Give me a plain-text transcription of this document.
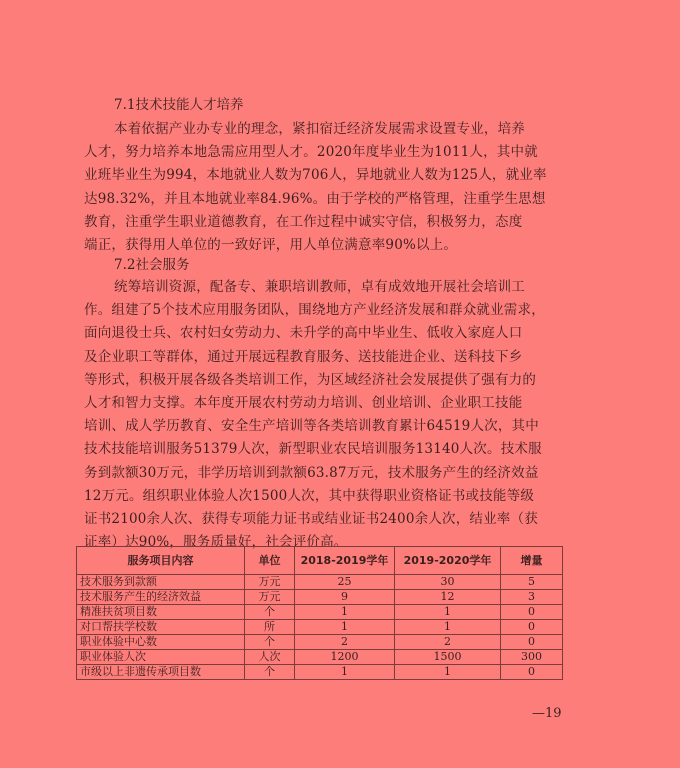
7.1技术技能人才培养
本着依据产业办专业的理念，紧扣宿迁经济发展需求设置专业，培养
人才，努力培养本地急需应用型人才。2020年度毕业生为1011人，其中就
业班毕业生为994，本地就业人数为706人，异地就业人数为125人，就业率
达98.32%，并且本地就业率84.96%。由于学校的严格管理，注重学生思想
教育，注重学生职业道德教育，在工作过程中诚实守信，积极努力，态度
端正，获得用人单位的一致好评，用人单位满意率90%以上。
7.2社会服务
统筹培训资源，配备专、兼职培训教师，卓有成效地开展社会培训工
作。组建了5个技术应用服务团队，围绕地方产业经济发展和群众就业需求，
面向退役士兵、农村妇女劳动力、未升学的高中毕业生、低收入家庭人口
及企业职工等群体，通过开展远程教育服务、送技能进企业、送科技下乡
等形式，积极开展各级各类培训工作，为区域经济社会发展提供了强有力的
人才和智力支撑。本年度开展农村劳动力培训、创业培训、企业职工技能
培训、成人学历教育、安全生产培训等各类培训教育累计64519人次，其中
技术技能培训服务51379人次，新型职业农民培训服务13140人次。技术服
务到款额30万元，非学历培训到款额63.87万元，技术服务产生的经济效益
12万元。组织职业体验人次1500人次，其中获得职业资格证书或技能等级
证书2100余人次、获得专项能力证书或结业证书2400余人次，结业率（获
证率）达90%，服务质量好，社会评价高。
服务项目内容	单位	2018-2019学年	2019-2020学年	增量
技术服务到款额	万元	25	30	5
技术服务产生的经济效益	万元	9	12	3
精准扶贫项目数	个	1	1	0
对口帮扶学校数	所	1	1	0
职业体验中心数	个	2	2	0
职业体验人次	人次	1200	1500	300
市级以上非遗传承项目数	个	1	1	0
—19
